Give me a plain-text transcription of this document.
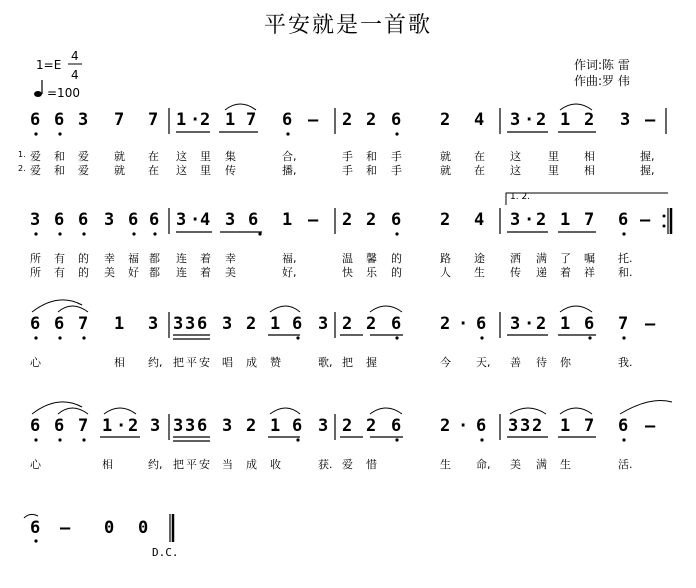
平安就是一首歌
1=E
4
4
=100
作词:陈 雷
作曲:罗 伟
6 6 3 7 7 1 · 2 1 7 6 – 2 2 6 2 4 3 · 2 1 2 3 –
1.
2.
爱 和 爱 就 在 这 里 集	合,	手 和 手	就 在 这 里 相	握,
爱 和 爱 就 在 这 里 传	播,	手 和 手	就 在 这 里 相	握,
1. 2.
3 6 6 3 6 6 3 · 4 3 6 1 – 2 2 6 2 4 3 · 2 1 7 6 –
所 有 的 幸 福 都 连 着 幸	福,	温 馨 的	路 途 洒 满 了 嘱 托.
所 有 的 美 好 都 连 着 美	好,	快 乐 的	人 生 传 递 着 祥 和.
6 6 7 1 3 3 3 6 3 2 1 6 3 2 2 6 2 · 6 3 · 2 1 6 7 –
心	相 约, 把 平 安 唱 成 赞	歌, 把 握	今 天, 善 待 你	我.
6 6 7 1 · 2 3 3 3 6 3 2 1 6 3 2 2 6 2 · 6 3 3 2 1 7 6 –
心	相	约, 把 平 安 当 成 收	获. 爱 惜	生 命, 美 满 生	活.
6 – 0 0
D.C.
